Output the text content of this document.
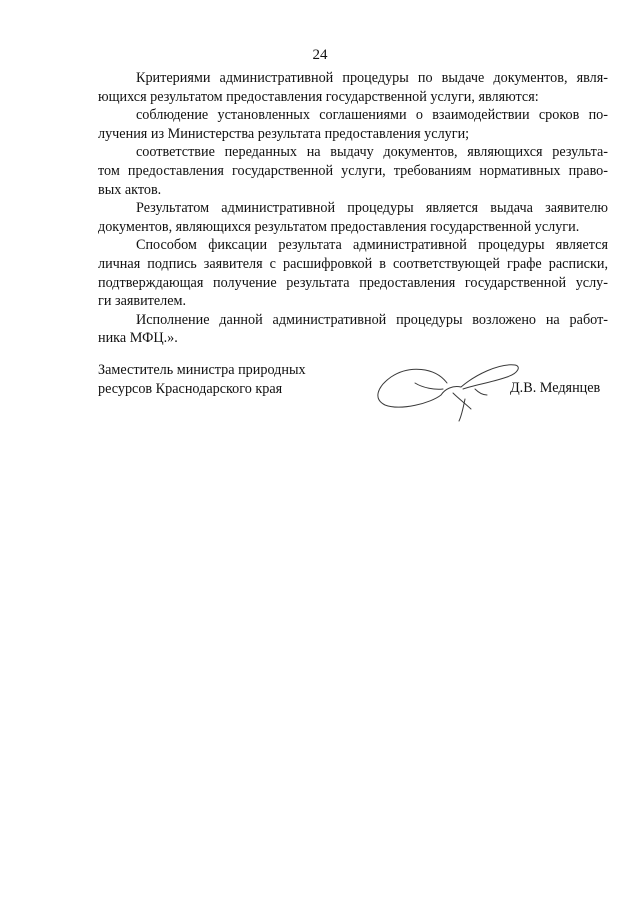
24
Критериями административной процедуры по выдаче документов, явля-
ющихся результатом предоставления государственной услуги, являются:
соблюдение установленных соглашениями о взаимодействии сроков по-
лучения из Министерства результата предоставления услуги;
соответствие переданных на выдачу документов, являющихся результа-
том предоставления государственной услуги, требованиям нормативных право-
вых актов.
Результатом административной процедуры является выдача заявителю
документов, являющихся результатом предоставления государственной услуги.
Способом фиксации результата административной процедуры является
личная подпись заявителя с расшифровкой в соответствующей графе расписки,
подтверждающая получение результата предоставления государственной услу-
ги заявителем.
Исполнение данной административной процедуры возложено на работ-
ника МФЦ.».
Заместитель министра природных
ресурсов Краснодарского края	Д.В. Медянцев
